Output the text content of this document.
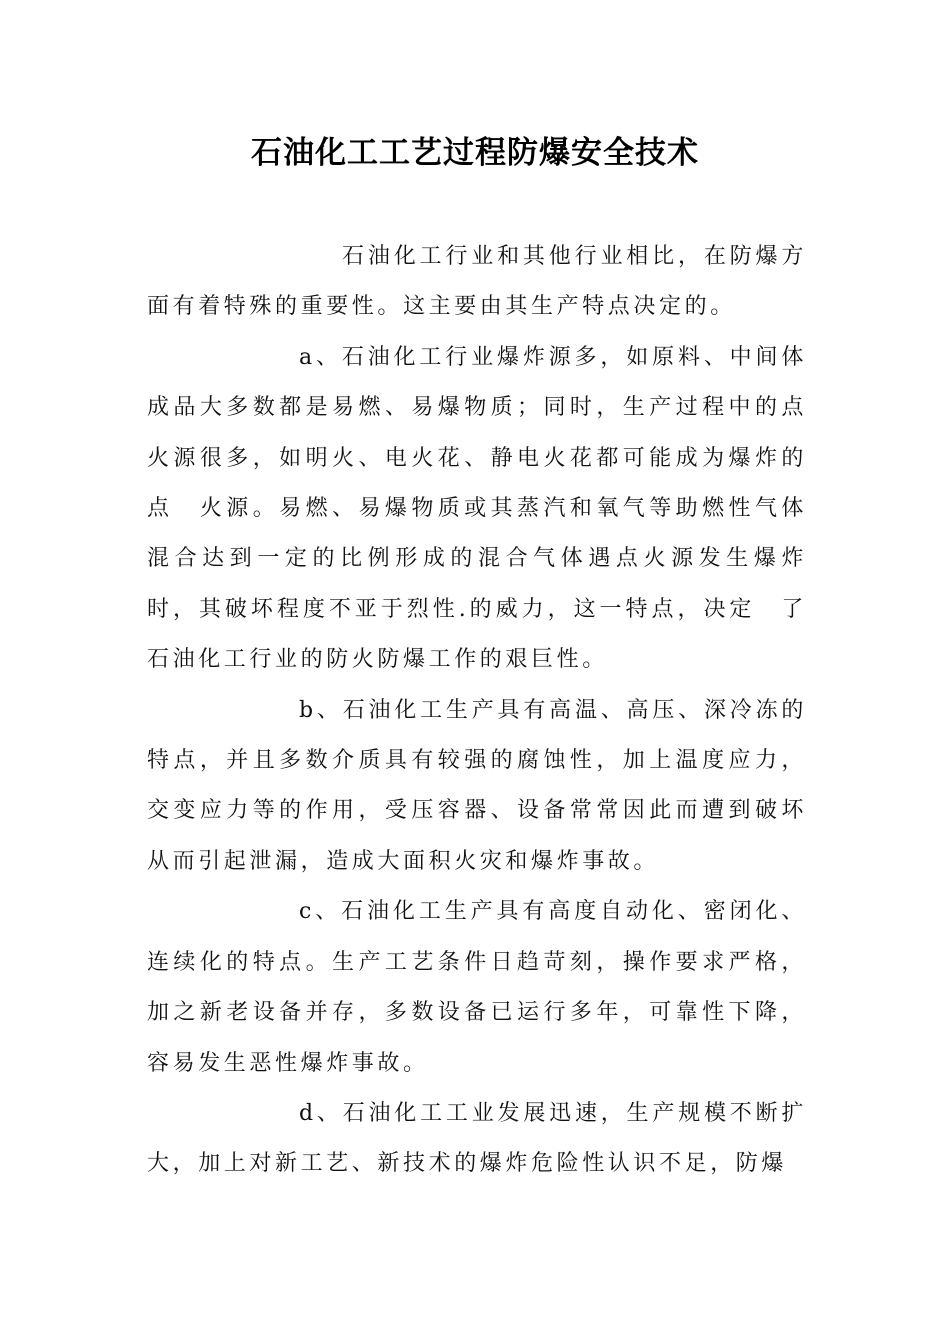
石油化工工艺过程防爆安全技术

石油化工行业和其他行业相比，在防爆方面有着特殊的重要性。这主要由其生产特点决定的。

a、石油化工行业爆炸源多，如原料、中间体成品大多数都是易燃、易爆物质；同时，生产过程中的点火源很多，如明火、电火花、静电火花都可能成为爆炸的点　火源。易燃、易爆物质或其蒸汽和氧气等助燃性气体混合达到一定的比例形成的混合气体遇点火源发生爆炸时，其破坏程度不亚于烈性.的威力，这一特点，决定　了石油化工行业的防火防爆工作的艰巨性。

b、石油化工生产具有高温、高压、深冷冻的特点，并且多数介质具有较强的腐蚀性，加上温度应力，交变应力等的作用，受压容器、设备常常因此而遭到破坏从而引起泄漏，造成大面积火灾和爆炸事故。

c、石油化工生产具有高度自动化、密闭化、连续化的特点。生产工艺条件日趋苛刻，操作要求严格，加之新老设备并存，多数设备已运行多年，可靠性下降，容易发生恶性爆炸事故。

d、石油化工工业发展迅速，生产规模不断扩大，加上对新工艺、新技术的爆炸危险性认识不足，防爆
